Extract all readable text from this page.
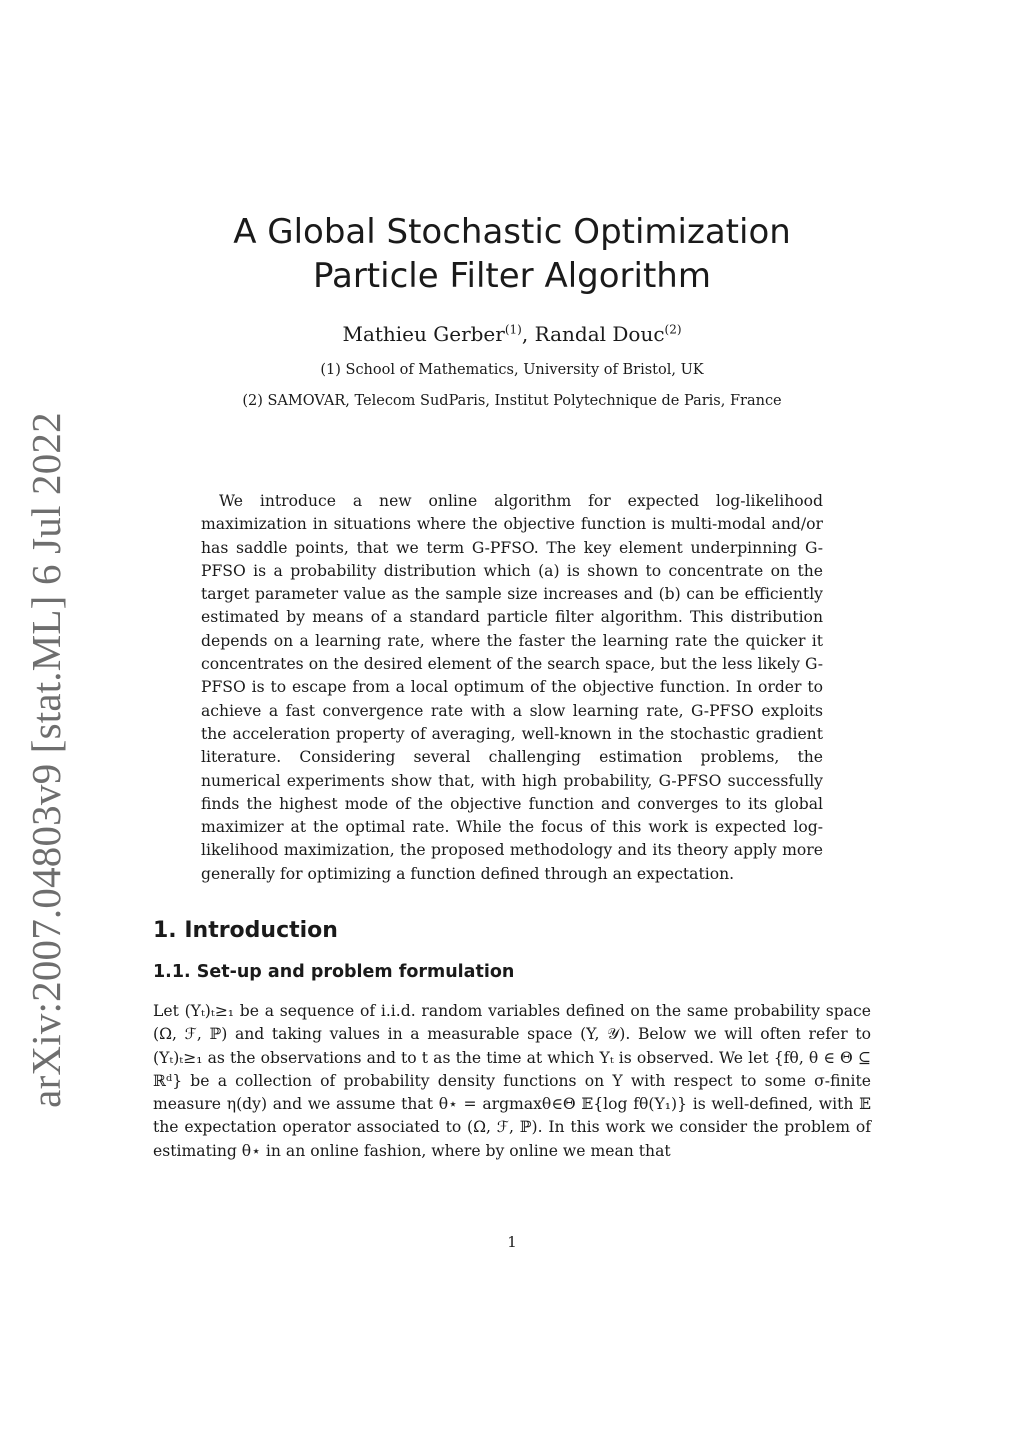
arXiv:2007.04803v9 [stat.ML] 6 Jul 2022
A Global Stochastic Optimization
Particle Filter Algorithm
Mathieu Gerber$^{(1)}$, Randal Douc$^{(2)}$
(1) School of Mathematics, University of Bristol, UK
(2) SAMOVAR, Telecom SudParis, Institut Polytechnique de Paris, France

We introduce a new online algorithm for expected log-likelihood maximization in situations where the objective function is multi-modal and/or has saddle points, that we term G-PFSO. The key element underpinning G-PFSO is a probability distribution which (a) is shown to concentrate on the target parameter value as the sample size increases and (b) can be efficiently estimated by means of a standard particle filter algorithm. This distribution depends on a learning rate, where the faster the learning rate the quicker it concentrates on the desired element of the search space, but the less likely G-PFSO is to escape from a local optimum of the objective function. In order to achieve a fast convergence rate with a slow learning rate, G-PFSO exploits the acceleration property of averaging, well-known in the stochastic gradient literature. Considering several challenging estimation problems, the numerical experiments show that, with high probability, G-PFSO successfully finds the highest mode of the objective function and converges to its global maximizer at the optimal rate. While the focus of this work is expected log-likelihood maximization, the proposed methodology and its theory apply more generally for optimizing a function defined through an expectation.

1. Introduction
1.1. Set-up and problem formulation

Let (Yₜ)ₜ≥₁ be a sequence of i.i.d. random variables defined on the same probability space (Ω, ℱ, ℙ) and taking values in a measurable space (Y, 𝒴). Below we will often refer to (Yₜ)ₜ≥₁ as the observations and to t as the time at which Yₜ is observed. We let {fθ, θ ∈ Θ ⊆ ℝᵈ} be a collection of probability density functions on Y with respect to some σ-finite measure η(dy) and we assume that θ⋆ = argmaxθ∈Θ 𝔼{log fθ(Y₁)} is well-defined, with 𝔼 the expectation operator associated to (Ω, ℱ, ℙ). In this work we consider the problem of estimating θ⋆ in an online fashion, where by online we mean that

1
